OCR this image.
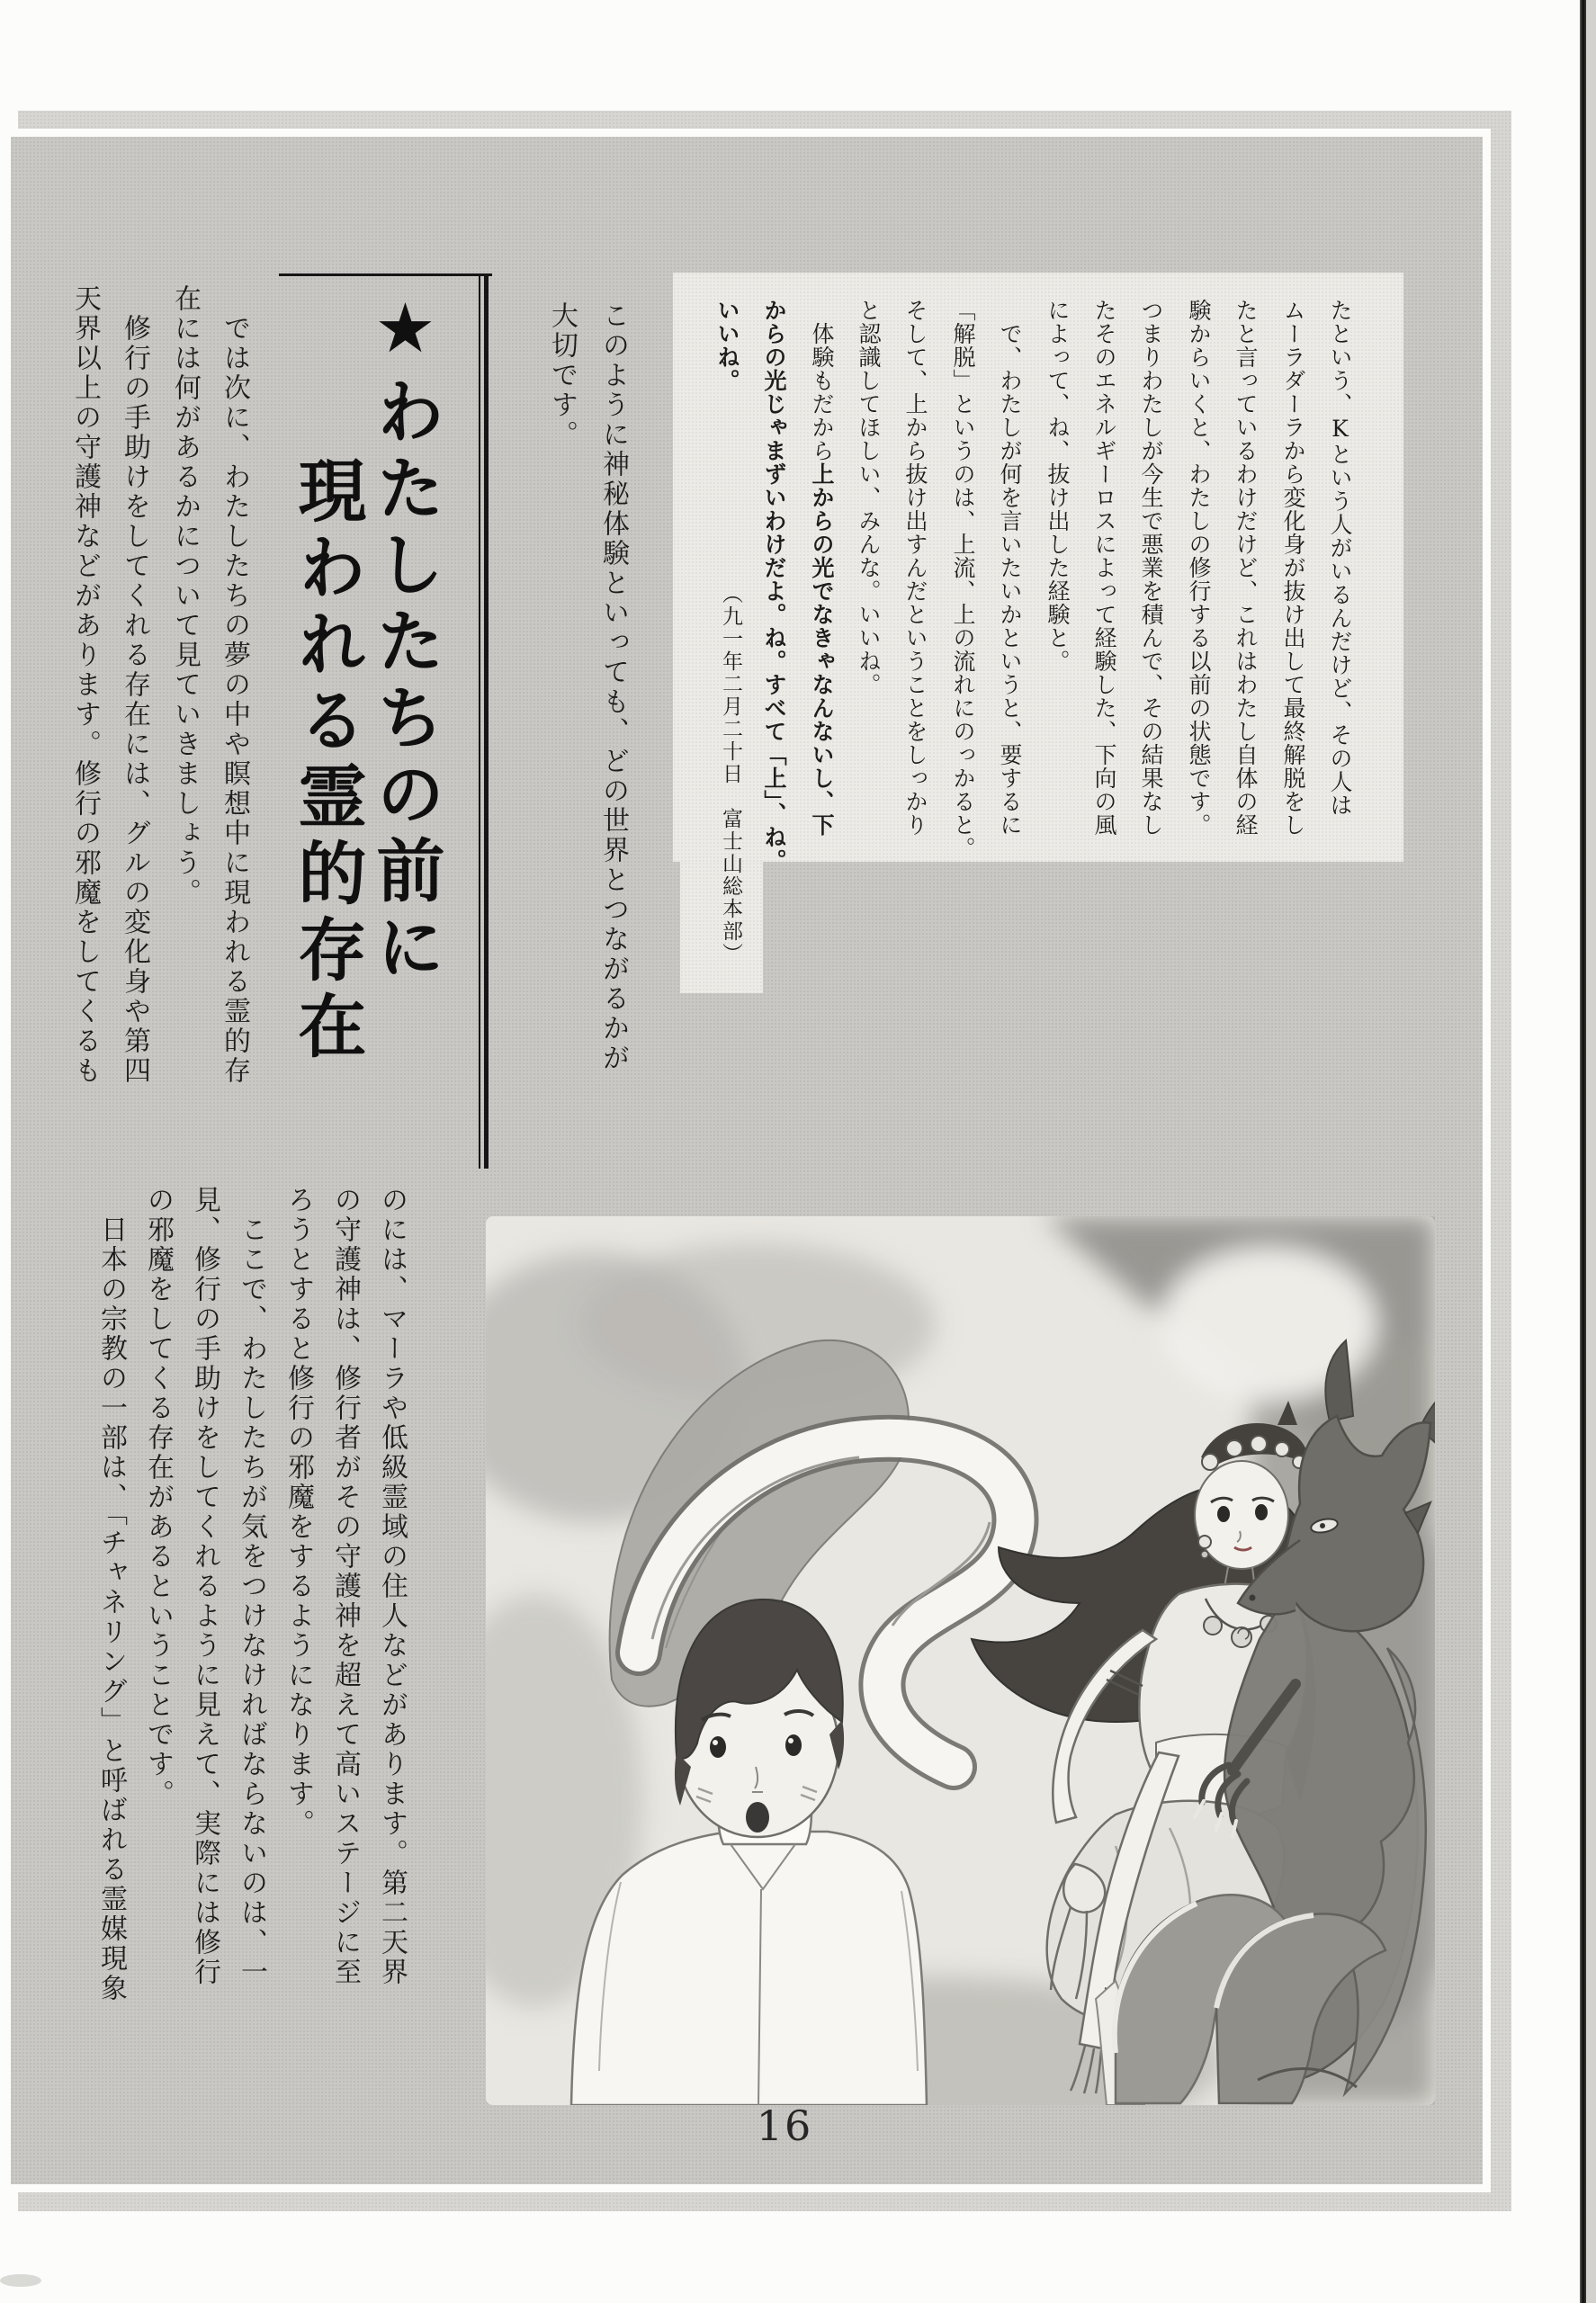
★わたしたちの前に
現われる霊的存在	たという、Kという人がいるんだけど、その人は
ムーラダーラから変化身が抜け出して最終解脱をし
たと言っているわけだけど、これはわたし自体の経
験からいくと、わたしの修行する以前の状態です。
つまりわたしが今生で悪業を積んで、その結果なし
たそのエネルギーロスによって経験した、下向の風
によって、ね、抜け出した経験と。
　で、わたしが何を言いたいかというと、要するに
「解脱」というのは、上流、上の流れにのっかると。
そして、上から抜け出すんだということをしっかり
と認識してほしい、みんな。いいね。
　体験もだから上からの光でなきゃなんないし、下
からの光じゃまずいわけだよ。ね。すべて「上」、ね。
いいね。
（九一年二月二十日　富士山総本部）
このように神秘体験といっても、どの世界とつながるかが
大切です。
　では次に、わたしたちの夢の中や瞑想中に現われる霊的存
在には何があるかについて見ていきましょう。
　修行の手助けをしてくれる存在には、グルの変化身や第四
天界以上の守護神などがあります。修行の邪魔をしてくるも
のには、マーラや低級霊域の住人などがあります。第二天界
の守護神は、修行者がその守護神を超えて高いステージに至
ろうとすると修行の邪魔をするようになります。
　ここで、わたしたちが気をつけなければならないのは、一
見、修行の手助けをしてくれるように見えて、実際には修行
の邪魔をしてくる存在があるということです。
　日本の宗教の一部は、「チャネリング」と呼ばれる霊媒現象
16
